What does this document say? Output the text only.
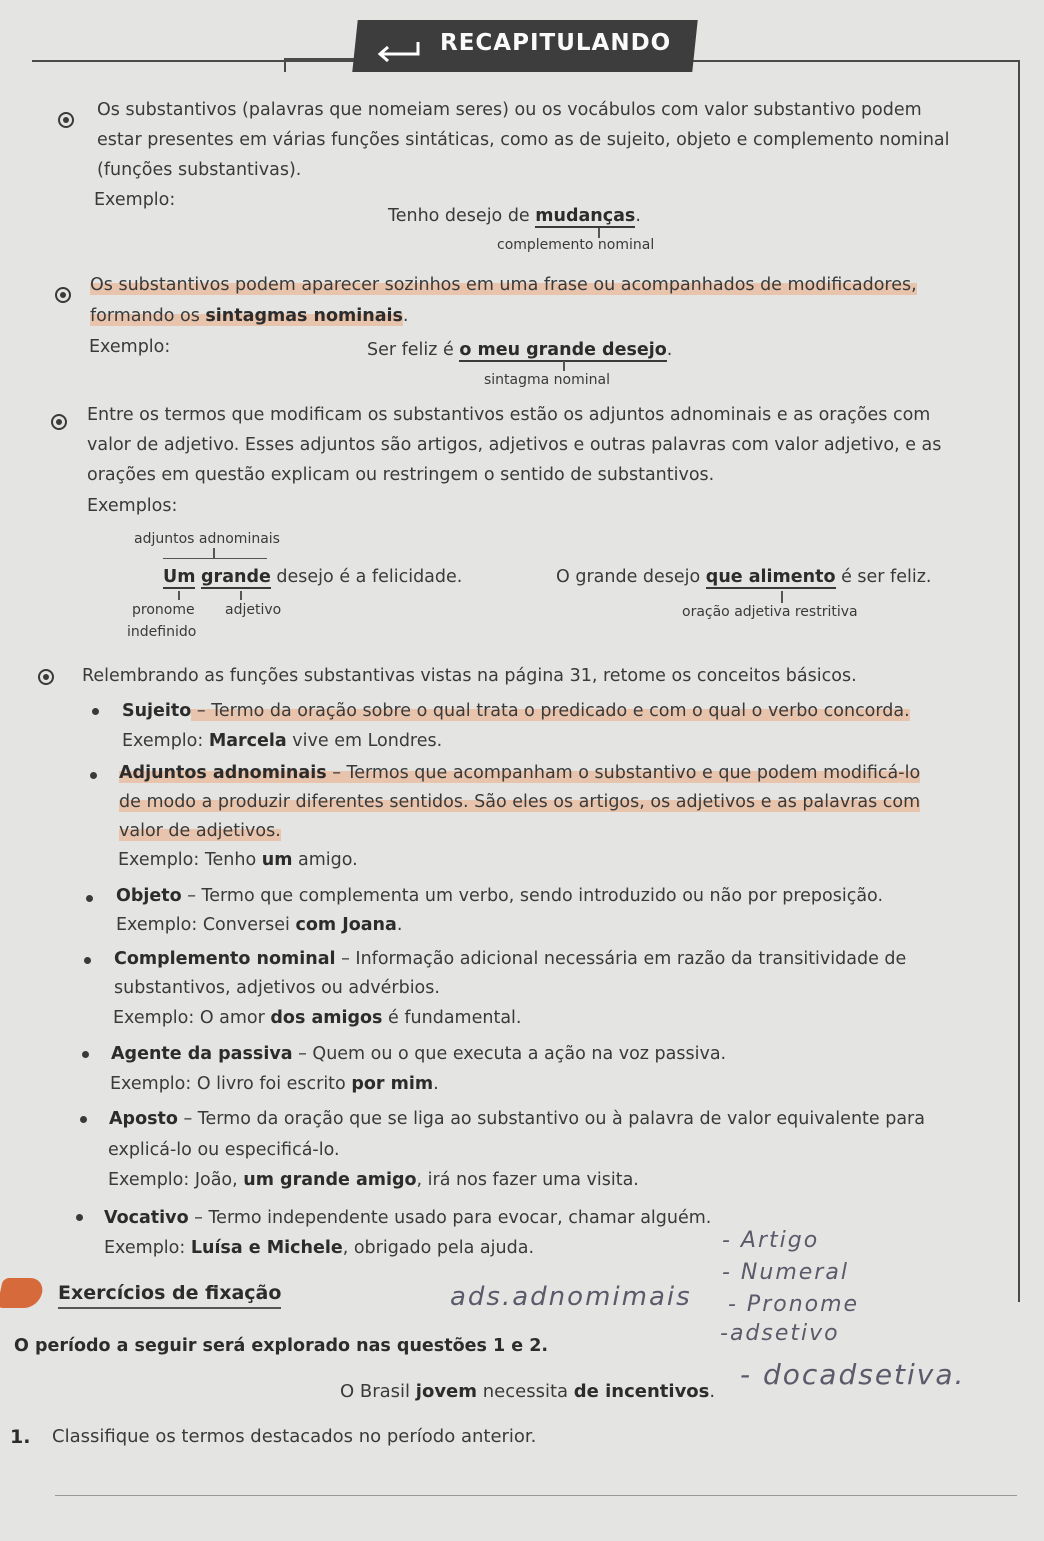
RECAPITULANDO
Os substantivos (palavras que nomeiam seres) ou os vocábulos com valor substantivo podem
estar presentes em várias funções sintáticas, como as de sujeito, objeto e complemento nominal
(funções substantivas).
Exemplo:
Tenho desejo de mudanças.
complemento nominal
Os substantivos podem aparecer sozinhos em uma frase ou acompanhados de modificadores,
formando os sintagmas nominais.
Exemplo:	Ser feliz é o meu grande desejo.
sintagma nominal
Entre os termos que modificam os substantivos estão os adjuntos adnominais e as orações com
valor de adjetivo. Esses adjuntos são artigos, adjetivos e outras palavras com valor adjetivo, e as
orações em questão explicam ou restringem o sentido de substantivos.
Exemplos:
adjuntos adnominais
Um grande desejo é a felicidade.
pronome
indefinido
adjetivo
O grande desejo que alimento é ser feliz.
oração adjetiva restritiva
Relembrando as funções substantivas vistas na página 31, retome os conceitos básicos.
Sujeito – Termo da oração sobre o qual trata o predicado e com o qual o verbo concorda.
Exemplo: Marcela vive em Londres.
Adjuntos adnominais – Termos que acompanham o substantivo e que podem modificá-lo
de modo a produzir diferentes sentidos. São eles os artigos, os adjetivos e as palavras com
valor de adjetivos.
Exemplo: Tenho um amigo.
Objeto – Termo que complementa um verbo, sendo introduzido ou não por preposição.
Exemplo: Conversei com Joana.
Complemento nominal – Informação adicional necessária em razão da transitividade de
substantivos, adjetivos ou advérbios.
Exemplo: O amor dos amigos é fundamental.
Agente da passiva – Quem ou o que executa a ação na voz passiva.
Exemplo: O livro foi escrito por mim.
Aposto – Termo da oração que se liga ao substantivo ou à palavra de valor equivalente para
explicá-lo ou especificá-lo.
Exemplo: João, um grande amigo, irá nos fazer uma visita.
Vocativo – Termo independente usado para evocar, chamar alguém.
Exemplo: Luísa e Michele, obrigado pela ajuda.
Exercícios de fixação
O período a seguir será explorado nas questões 1 e 2.
O Brasil jovem necessita de incentivos.
1. Classifique os termos destacados no período anterior.
ads.adnomimais
- Artigo
- Numeral
- Pronome
-adsetivo
- docadsetiva.
